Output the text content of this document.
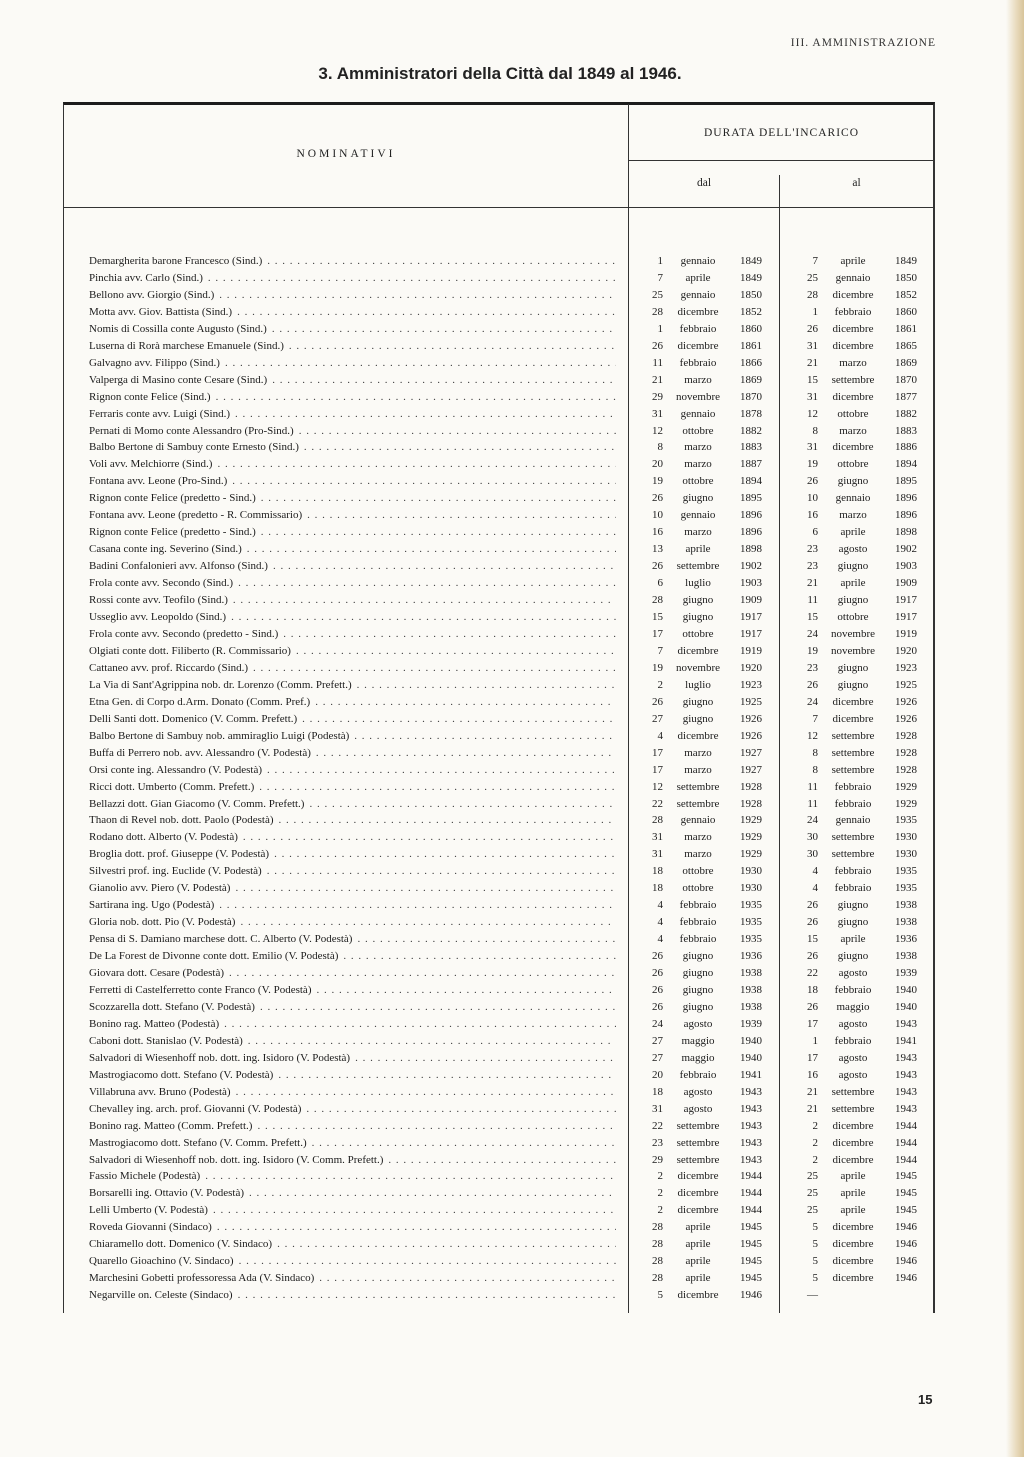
III. AMMINISTRAZIONE
3. Amministratori della Città dal 1849 al 1946.
NOMINATIVI
DURATA DELL'INCARICO
dal	al
Demargherita barone Francesco (Sind.) . . .	1	gennaio	1849	7	aprile	1849
Pinchia avv. Carlo (Sind.) . . .	7	aprile	1849	25	gennaio	1850
Bellono avv. Giorgio (Sind.) . . .	25	gennaio	1850	28	dicembre	1852
Motta avv. Giov. Battista (Sind.) . . .	28	dicembre	1852	1	febbraio	1860
Nomis di Cossilla conte Augusto (Sind.) . . .	1	febbraio	1860	26	dicembre	1861
Luserna di Rorà marchese Emanuele (Sind.) . . .	26	dicembre	1861	31	dicembre	1865
Galvagno avv. Filippo (Sind.) . . .	11	febbraio	1866	21	marzo	1869
Valperga di Masino conte Cesare (Sind.) . . .	21	marzo	1869	15	settembre	1870
Rignon conte Felice (Sind.) . . .	29	novembre	1870	31	dicembre	1877
Ferraris conte avv. Luigi (Sind.) . . .	31	gennaio	1878	12	ottobre	1882
Pernati di Momo conte Alessandro (Pro-Sind.) . . .	12	ottobre	1882	8	marzo	1883
Balbo Bertone di Sambuy conte Ernesto (Sind.) . . .	8	marzo	1883	31	dicembre	1886
Voli avv. Melchiorre (Sind.) . . .	20	marzo	1887	19	ottobre	1894
Fontana avv. Leone (Pro-Sind.) . . .	19	ottobre	1894	26	giugno	1895
Rignon conte Felice (predetto - Sind.) . . .	26	giugno	1895	10	gennaio	1896
Fontana avv. Leone (predetto - R. Commissario) . . .	10	gennaio	1896	16	marzo	1896
Rignon conte Felice (predetto - Sind.) . . .	16	marzo	1896	6	aprile	1898
Casana conte ing. Severino (Sind.) . . .	13	aprile	1898	23	agosto	1902
Badini Confalonieri avv. Alfonso (Sind.) . . .	26	settembre	1902	23	giugno	1903
Frola conte avv. Secondo (Sind.) . . .	6	luglio	1903	21	aprile	1909
Rossi conte avv. Teofilo (Sind.) . . .	28	giugno	1909	11	giugno	1917
Usseglio avv. Leopoldo (Sind.) . . .	15	giugno	1917	15	ottobre	1917
Frola conte avv. Secondo (predetto - Sind.) . . .	17	ottobre	1917	24	novembre	1919
Olgiati conte dott. Filiberto (R. Commissario) . . .	7	dicembre	1919	19	novembre	1920
Cattaneo avv. prof. Riccardo (Sind.) . . .	19	novembre	1920	23	giugno	1923
La Via di Sant'Agrippina nob. dr. Lorenzo (Comm. Prefett.) . . .	2	luglio	1923	26	giugno	1925
Etna Gen. di Corpo d.Arm. Donato (Comm. Pref.) . . .	26	giugno	1925	24	dicembre	1926
Delli Santi dott. Domenico (V. Comm. Prefett.) . . .	27	giugno	1926	7	dicembre	1926
Balbo Bertone di Sambuy nob. ammiraglio Luigi (Podestà) . . .	4	dicembre	1926	12	settembre	1928
Buffa di Perrero nob. avv. Alessandro (V. Podestà) . . .	17	marzo	1927	8	settembre	1928
Orsi conte ing. Alessandro (V. Podestà) . . .	17	marzo	1927	8	settembre	1928
Ricci dott. Umberto (Comm. Prefett.) . . .	12	settembre	1928	11	febbraio	1929
Bellazzi dott. Gian Giacomo (V. Comm. Prefett.) . . .	22	settembre	1928	11	febbraio	1929
Thaon di Revel nob. dott. Paolo (Podestà) . . .	28	gennaio	1929	24	gennaio	1935
Rodano dott. Alberto (V. Podestà) . . .	31	marzo	1929	30	settembre	1930
Broglia dott. prof. Giuseppe (V. Podestà) . . .	31	marzo	1929	30	settembre	1930
Silvestri prof. ing. Euclide (V. Podestà) . . .	18	ottobre	1930	4	febbraio	1935
Gianolio avv. Piero (V. Podestà) . . .	18	ottobre	1930	4	febbraio	1935
Sartirana ing. Ugo (Podestà) . . .	4	febbraio	1935	26	giugno	1938
Gloria nob. dott. Pio (V. Podestà) . . .	4	febbraio	1935	26	giugno	1938
Pensa di S. Damiano marchese dott. C. Alberto (V. Podestà) . . .	4	febbraio	1935	15	aprile	1936
De La Forest de Divonne conte dott. Emilio (V. Podestà) . . .	26	giugno	1936	26	giugno	1938
Giovara dott. Cesare (Podestà) . . .	26	giugno	1938	22	agosto	1939
Ferretti di Castelferretto conte Franco (V. Podestà) . . .	26	giugno	1938	18	febbraio	1940
Scozzarella dott. Stefano (V. Podestà) . . .	26	giugno	1938	26	maggio	1940
Bonino rag. Matteo (Podestà) . . .	24	agosto	1939	17	agosto	1943
Caboni dott. Stanislao (V. Podestà) . . .	27	maggio	1940	1	febbraio	1941
Salvadori di Wiesenhoff nob. dott. ing. Isidoro (V. Podestà) . . .	27	maggio	1940	17	agosto	1943
Mastrogiacomo dott. Stefano (V. Podestà) . . .	20	febbraio	1941	16	agosto	1943
Villabruna avv. Bruno (Podestà) . . .	18	agosto	1943	21	settembre	1943
Chevalley ing. arch. prof. Giovanni (V. Podestà) . . .	31	agosto	1943	21	settembre	1943
Bonino rag. Matteo (Comm. Prefett.) . . .	22	settembre	1943	2	dicembre	1944
Mastrogiacomo dott. Stefano (V. Comm. Prefett.) . . .	23	settembre	1943	2	dicembre	1944
Salvadori di Wiesenhoff nob. dott. ing. Isidoro (V. Comm. Prefett.) . . .	29	settembre	1943	2	dicembre	1944
Fassio Michele (Podestà) . . .	2	dicembre	1944	25	aprile	1945
Borsarelli ing. Ottavio (V. Podestà) . . .	2	dicembre	1944	25	aprile	1945
Lelli Umberto (V. Podestà) . . .	2	dicembre	1944	25	aprile	1945
Roveda Giovanni (Sindaco) . . .	28	aprile	1945	5	dicembre	1946
Chiaramello dott. Domenico (V. Sindaco) . . .	28	aprile	1945	5	dicembre	1946
Quarello Gioachino (V. Sindaco) . . .	28	aprile	1945	5	dicembre	1946
Marchesini Gobetti professoressa Ada (V. Sindaco) . . .	28	aprile	1945	5	dicembre	1946
Negarville on. Celeste (Sindaco) . . .	5	dicembre	1946	—
15
